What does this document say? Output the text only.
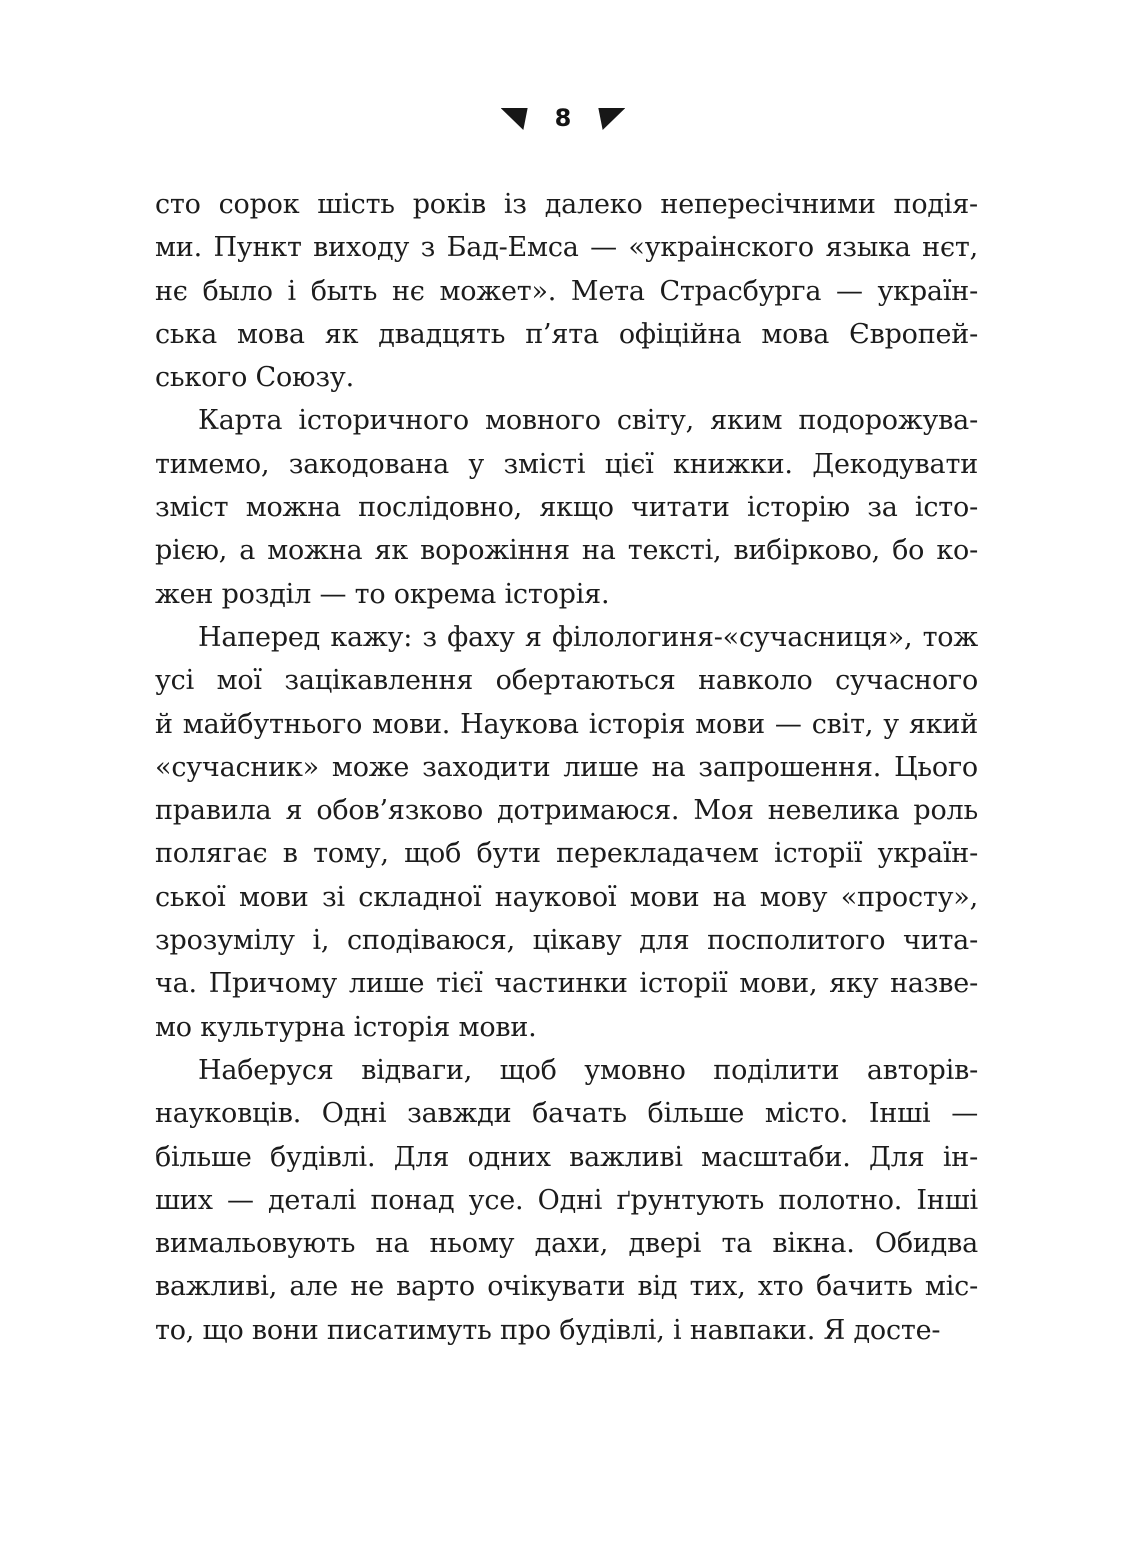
8
сто сорок шість років із далеко непересічними подія-
ми. Пункт виходу з Бад-Емса — «украінского языка нєт,
нє было і быть нє может». Мета Страсбурга — україн-
ська мова як двадцять п’ята офіційна мова Європей-
ського Союзу.
Карта історичного мовного світу, яким подорожува-
тимемо, закодована у змісті цієї книжки. Декодувати
зміст можна послідовно, якщо читати історію за істо-
рією, а можна як ворожіння на тексті, вибірково, бо ко-
жен розділ — то окрема історія.
Наперед кажу: з фаху я філологиня-«сучасниця», тож
усі мої зацікавлення обертаються навколо сучасного
й майбутнього мови. Наукова історія мови — світ, у який
«сучасник» може заходити лише на запрошення. Цього
правила я обов’язково дотримаюся. Моя невелика роль
полягає в тому, щоб бути перекладачем історії україн-
ської мови зі складної наукової мови на мову «просту»,
зрозумілу і, сподіваюся, цікаву для посполитого чита-
ча. Причому лише тієї частинки історії мови, яку назве-
мо культурна історія мови.
Наберуся відваги, щоб умовно поділити авторів-
науковців. Одні завжди бачать більше місто. Інші —
більше будівлі. Для одних важливі масштаби. Для ін-
ших — деталі понад усе. Одні ґрунтують полотно. Інші
вимальовують на ньому дахи, двері та вікна. Обидва
важливі, але не варто очікувати від тих, хто бачить міс-
то, що вони писатимуть про будівлі, і навпаки. Я досте-
